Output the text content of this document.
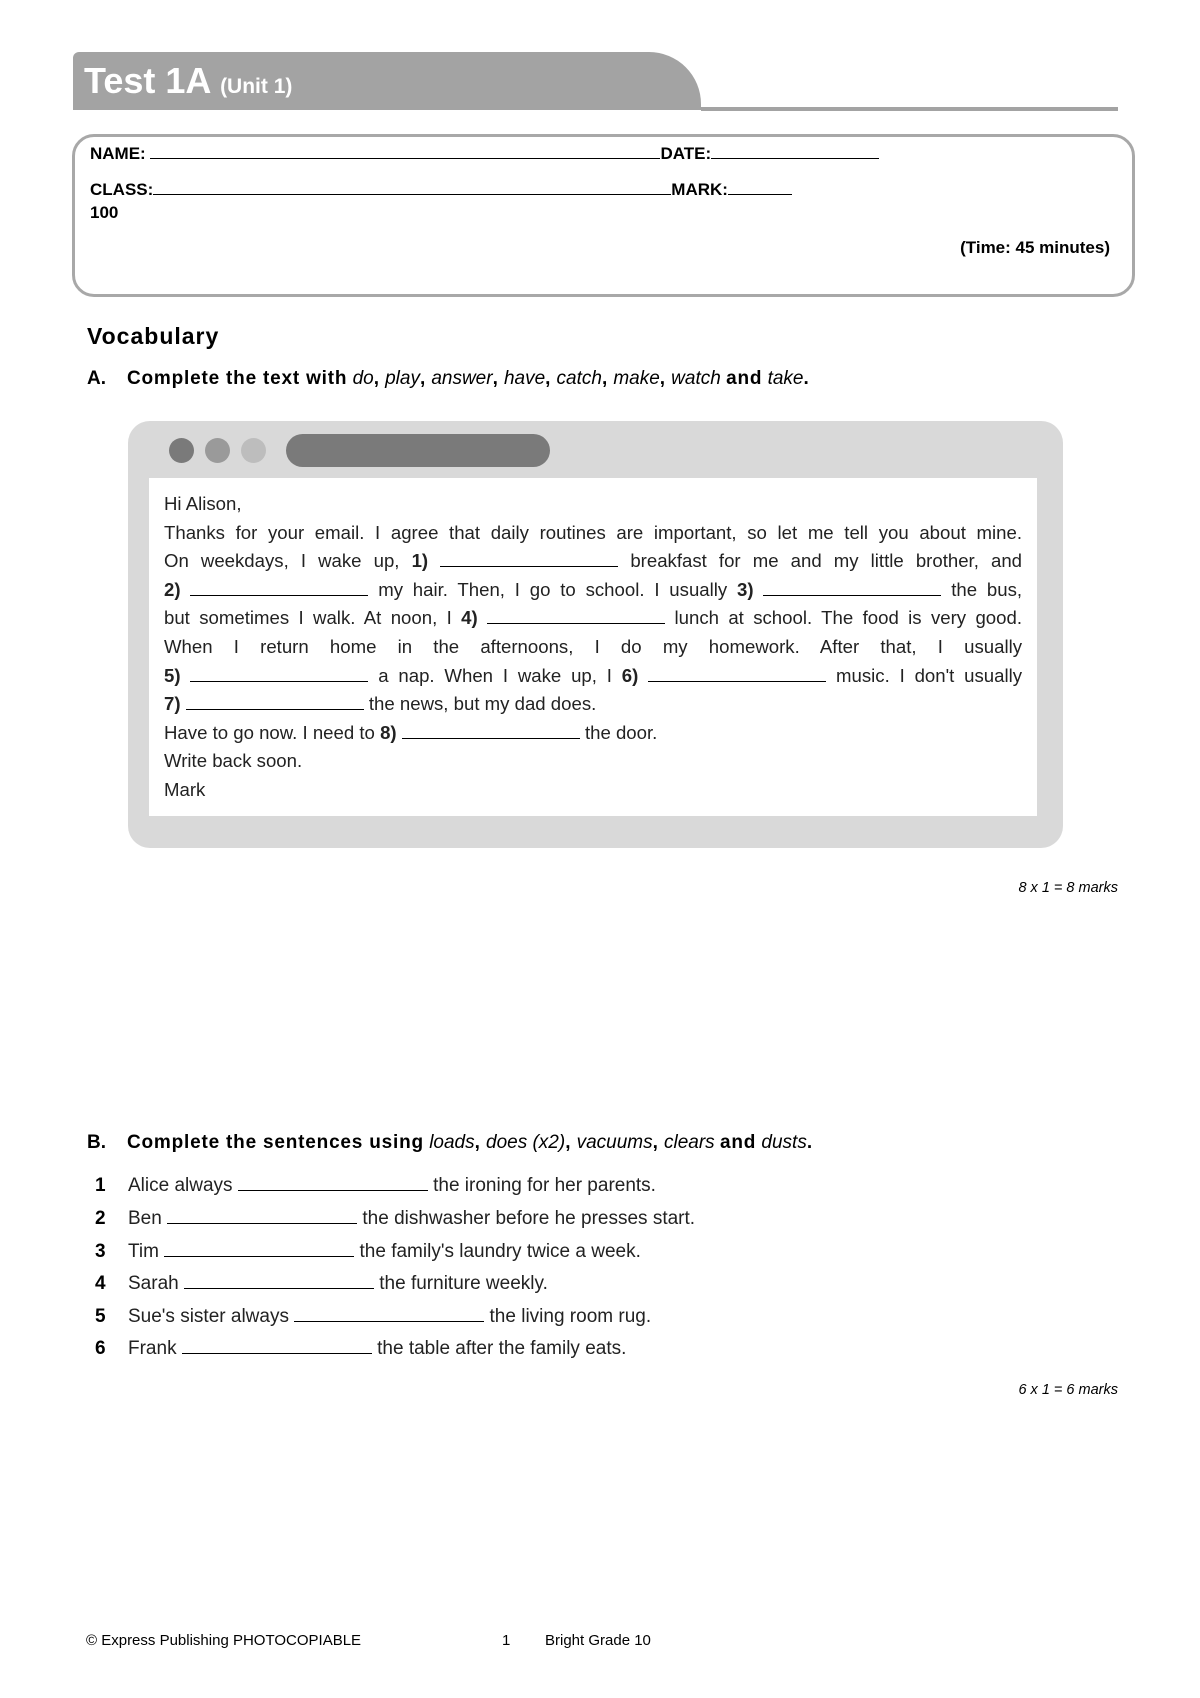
Test 1A (Unit 1)
NAME:	DATE:
CLASS:	MARK:
100
(Time: 45 minutes)
Vocabulary
A. Complete the text with do, play, answer, have, catch, make, watch and take.
Hi Alison,
Thanks for your email. I agree that daily routines are important, so let me tell you about mine.
On weekdays, I wake up, 1)	breakfast for me and my little brother, and
2)	my hair. Then, I go to school. I usually 3)	the bus,
but sometimes I walk. At noon, I 4)	lunch at school. The food is very good.
When I return home in the afternoons, I do my homework. After that, I usually
5)	a nap. When I wake up, I 6)	music. I don't usually
7)	the news, but my dad does.
Have to go now. I need to 8)	the door.
Write back soon.
Mark
8 x 1 = 8 marks
B. Complete the sentences using loads, does (x2), vacuums, clears and dusts.
1 Alice always	the ironing for her parents.
2 Ben	the dishwasher before he presses start.
3 Tim	the family's laundry twice a week.
4 Sarah	the furniture weekly.
5 Sue's sister always	the living room rug.
6 Frank	the table after the family eats.
6 x 1 = 6 marks
© Express Publishing PHOTOCOPIABLE	1 Bright Grade 10
